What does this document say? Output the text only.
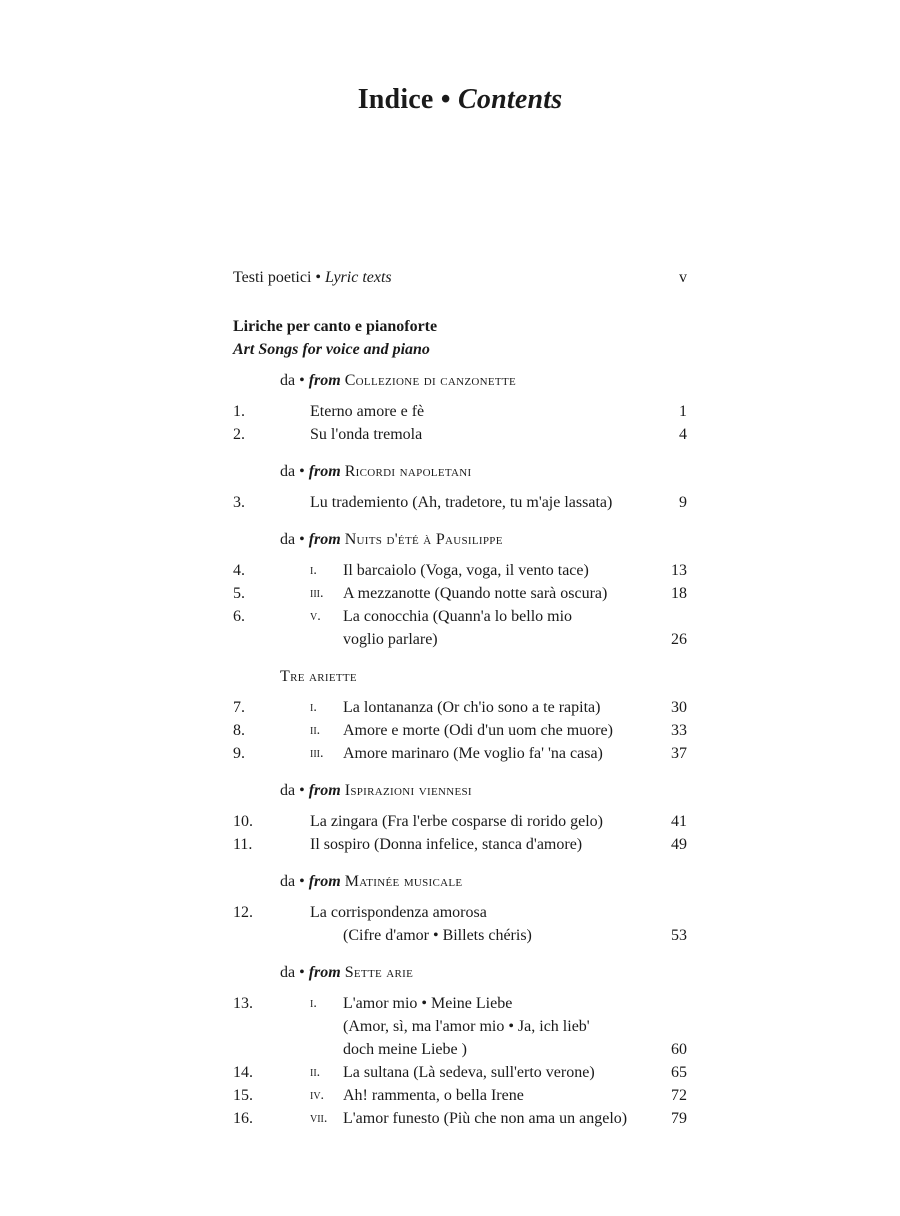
Indice • Contents
Testi poetici • Lyric texts	v
Liriche per canto e pianoforte
Art Songs for voice and piano
da • from Collezione di canzonette
1.	Eterno amore e fè	1
2.	Su l'onda tremola	4
da • from Ricordi napoletani
3.	Lu trademiento (Ah, tradetore, tu m'aje lassata)	9
da • from Nuits d'été à Pausilippe
4.	i. Il barcaiolo (Voga, voga, il vento tace)	13
5.	iii. A mezzanotte (Quando notte sarà oscura)	18
6.	v. La conocchia (Quann'a lo bello mio
voglio parlare)	26
Tre ariette
7.	i. La lontananza (Or ch'io sono a te rapita)	30
8.	ii. Amore e morte (Odi d'un uom che muore)	33
9.	iii. Amore marinaro (Me voglio fa' 'na casa)	37
da • from Ispirazioni viennesi
10.	La zingara (Fra l'erbe cosparse di rorido gelo)	41
11.	Il sospiro (Donna infelice, stanca d'amore)	49
da • from Matinée musicale
12.	La corrispondenza amorosa
(Cifre d'amor • Billets chéris)	53
da • from Sette arie
13.	i. L'amor mio • Meine Liebe
(Amor, sì, ma l'amor mio • Ja, ich lieb'
doch meine Liebe )	60
14.	ii. La sultana (Là sedeva, sull'erto verone)	65
15.	iv. Ah! rammenta, o bella Irene	72
16.	vii. L'amor funesto (Più che non ama un angelo)	79
